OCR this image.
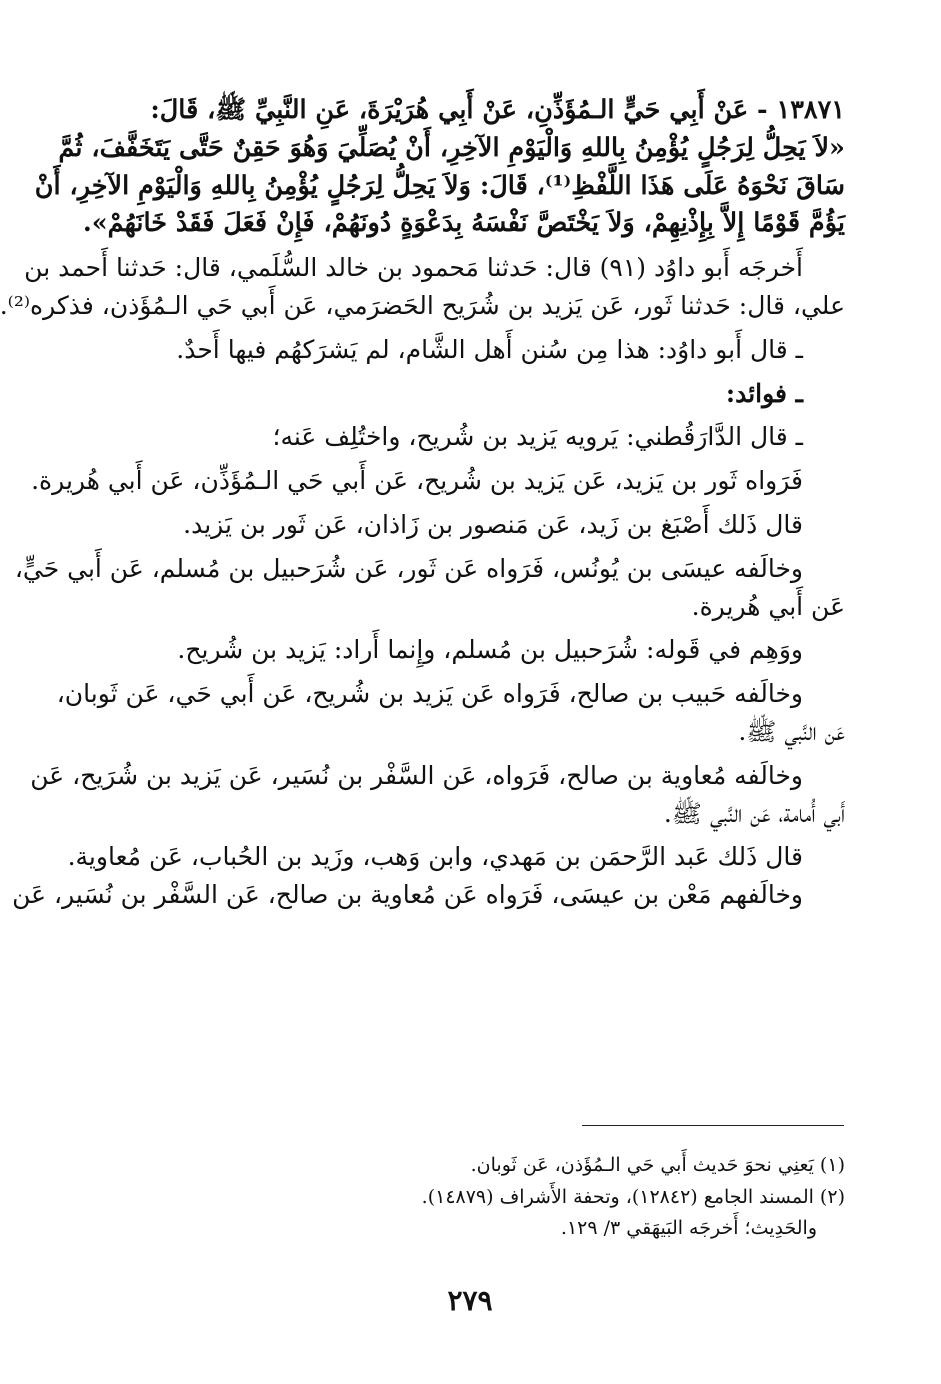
١٣٨٧١ - عَنْ أَبِي حَيٍّ الـمُؤَذِّنِ، عَنْ أَبِي هُرَيْرَةَ، عَنِ النَّبِيِّ ﷺ، قَالَ:
«لاَ يَحِلُّ لِرَجُلٍ يُؤْمِنُ بِاللهِ وَالْيَوْمِ الآخِرِ، أَنْ يُصَلِّيَ وَهُوَ حَقِنٌ حَتَّى يَتَخَفَّفَ، ثُمَّ
سَاقَ نَحْوَهُ عَلَى هَذَا اللَّفْظِ⁽¹⁾، قَالَ: وَلاَ يَحِلُّ لِرَجُلٍ يُؤْمِنُ بِاللهِ وَالْيَوْمِ الآخِرِ، أَنْ
يَؤُمَّ قَوْمًا إِلاَّ بِإِذْنِهِمْ، وَلاَ يَخْتَصَّ نَفْسَهُ بِدَعْوَةٍ دُونَهُمْ، فَإِنْ فَعَلَ فَقَدْ خَانَهُمْ».
أَخرجَه أَبو داوُد (٩١) قال: حَدثنا مَحمود بن خالد السُّلَمي، قال: حَدثنا أَحمد بن
علي، قال: حَدثنا ثَور، عَن يَزيد بن شُرَيح الحَضرَمي، عَن أَبي حَي الـمُؤَذن، فذكره⁽²⁾.
ـ قال أَبو داوُد: هذا مِن سُنن أَهل الشَّام، لم يَشرَكهُم فيها أَحدٌ.
ـ فوائد:
ـ قال الدَّارَقُطني: يَرويه يَزيد بن شُريح، واختُلِف عَنه؛
فَرَواه ثَور بن يَزيد، عَن يَزيد بن شُريح، عَن أَبي حَي الـمُؤَذِّن، عَن أَبي هُريرة.
قال ذَلك أَصْبَغ بن زَيد، عَن مَنصور بن زَاذان، عَن ثَور بن يَزيد.
وخالَفه عيسَى بن يُونُس، فَرَواه عَن ثَور، عَن شُرَحبيل بن مُسلم، عَن أَبي حَيٍّ،
عَن أَبي هُريرة.
ووَهِم في قَوله: شُرَحبيل بن مُسلم، وإِنما أَراد: يَزيد بن شُريح.
وخالَفه حَبيب بن صالح، فَرَواه عَن يَزيد بن شُريح، عَن أَبي حَي، عَن ثَوبان،
عَن النَّبي ﷺ.
وخالَفه مُعاوية بن صالح، فَرَواه، عَن السَّفْر بن نُسَير، عَن يَزيد بن شُرَيح، عَن
أَبي أُمامة، عَن النَّبي ﷺ.
قال ذَلك عَبد الرَّحمَن بن مَهدي، وابن وَهب، وزَيد بن الحُباب، عَن مُعاوية.
وخالَفهم مَعْن بن عيسَى، فَرَواه عَن مُعاوية بن صالح، عَن السَّفْر بن نُسَير، عَن
(١) يَعنِي نحوَ حَديث أَبي حَي الـمُؤَذن، عَن ثَوبان.
(٢) المسند الجامع (١٢٨٤٢)، وتحفة الأَشراف (١٤٨٧٩).
والحَدِيث؛ أَخرجَه البَيهَقي ٣/ ١٢٩.
٢٧٩
